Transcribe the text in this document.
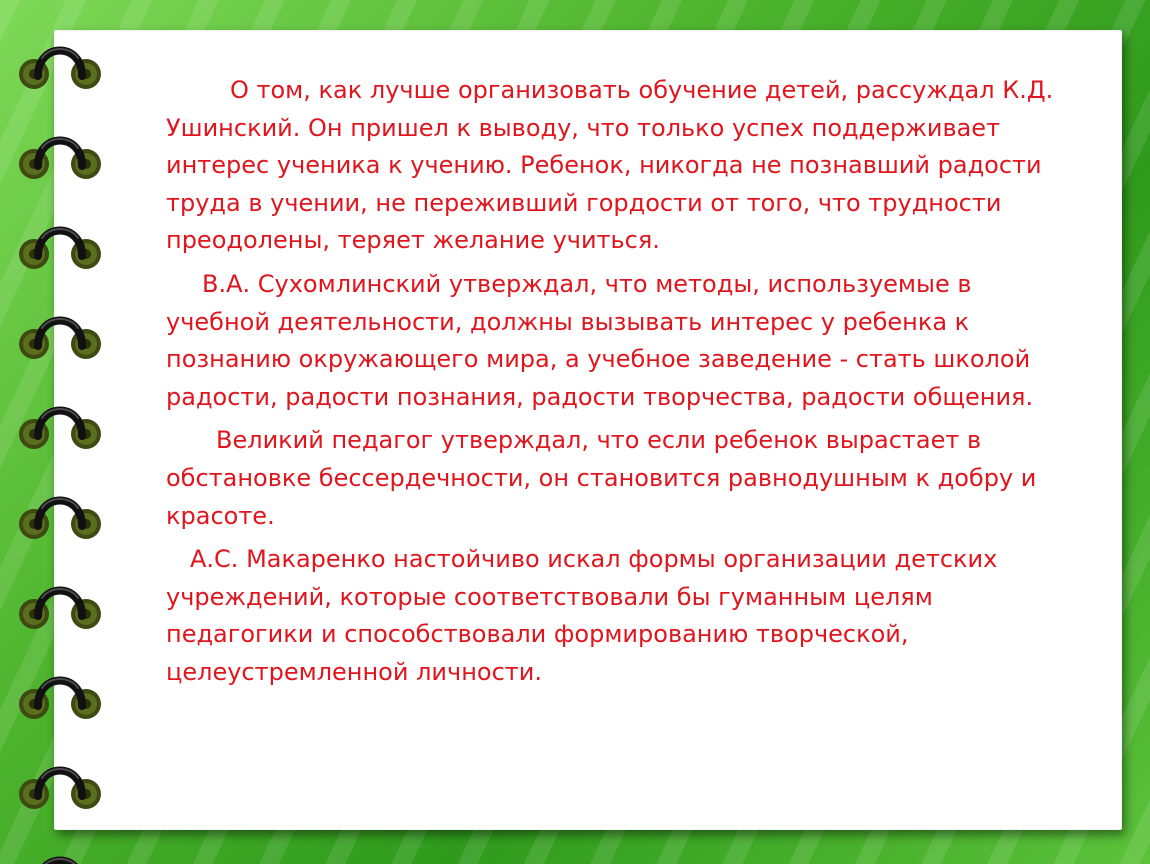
О том, как лучше организовать обучение детей, рассуждал К.Д. Ушинский. Он пришел к выводу, что только успех поддерживает интерес ученика к учению. Ребенок, никогда не познавший радости труда в учении, не переживший гордости от того, что трудности преодолены, теряет желание учиться.

В.А. Сухомлинский утверждал, что методы, используемые в учебной деятельности, должны вызывать интерес у ребенка к познанию окружающего мира, а учебное заведение - стать школой радости, радости познания, радости творчества, радости общения.

Великий педагог утверждал, что если ребенок вырастает в обстановке бессердечности, он становится равнодушным к добру и красоте.

А.С. Макаренко настойчиво искал формы организации детских учреждений, которые соответствовали бы гуманным целям педагогики и способствовали формированию творческой, целеустремленной личности.
